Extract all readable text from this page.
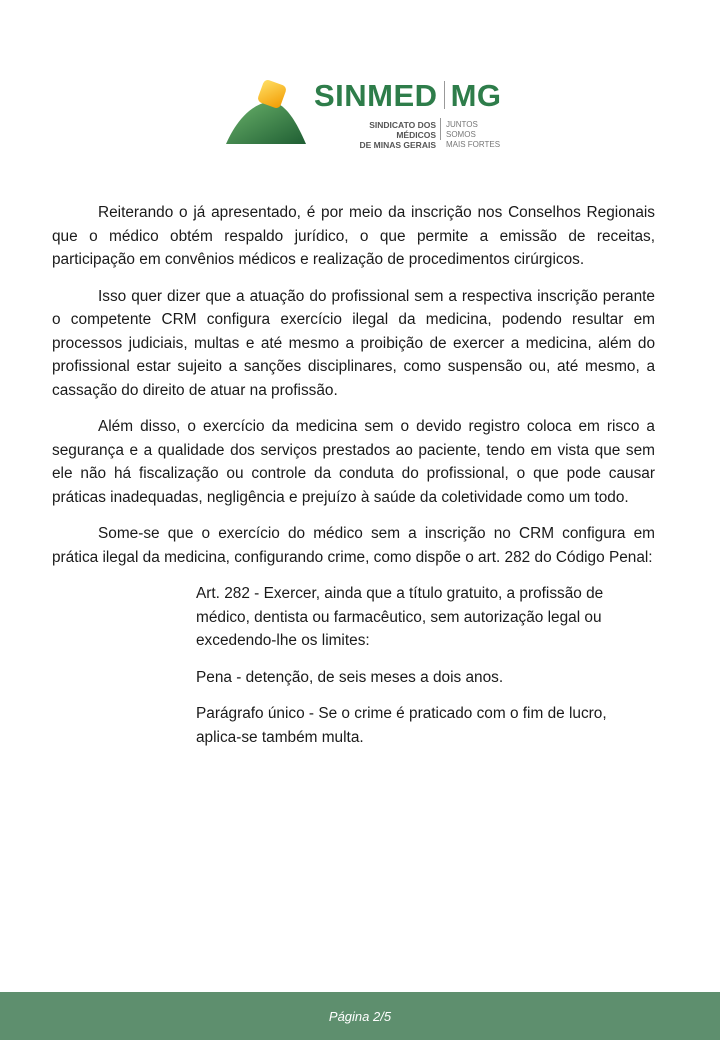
SINMED MG
SINDICATO DOS MÉDICOS
DE MINAS GERAIS
JUNTOS SOMOS
MAIS FORTES

Reiterando o já apresentado, é por meio da inscrição nos Conselhos Regionais que o médico obtém respaldo jurídico, o que permite a emissão de receitas, participação em convênios médicos e realização de procedimentos cirúrgicos.

Isso quer dizer que a atuação do profissional sem a respectiva inscrição perante o competente CRM configura exercício ilegal da medicina, podendo resultar em processos judiciais, multas e até mesmo a proibição de exercer a medicina, além do profissional estar sujeito a sanções disciplinares, como suspensão ou, até mesmo, a cassação do direito de atuar na profissão.

Além disso, o exercício da medicina sem o devido registro coloca em risco a segurança e a qualidade dos serviços prestados ao paciente, tendo em vista que sem ele não há fiscalização ou controle da conduta do profissional, o que pode causar práticas inadequadas, negligência e prejuízo à saúde da coletividade como um todo.

Some-se que o exercício do médico sem a inscrição no CRM configura em prática ilegal da medicina, configurando crime, como dispõe o art. 282 do Código Penal:

Art. 282 - Exercer, ainda que a título gratuito, a profissão de médico, dentista ou farmacêutico, sem autorização legal ou excedendo-lhe os limites:

Pena - detenção, de seis meses a dois anos.

Parágrafo único - Se o crime é praticado com o fim de lucro, aplica-se também multa.

Página 2/5
